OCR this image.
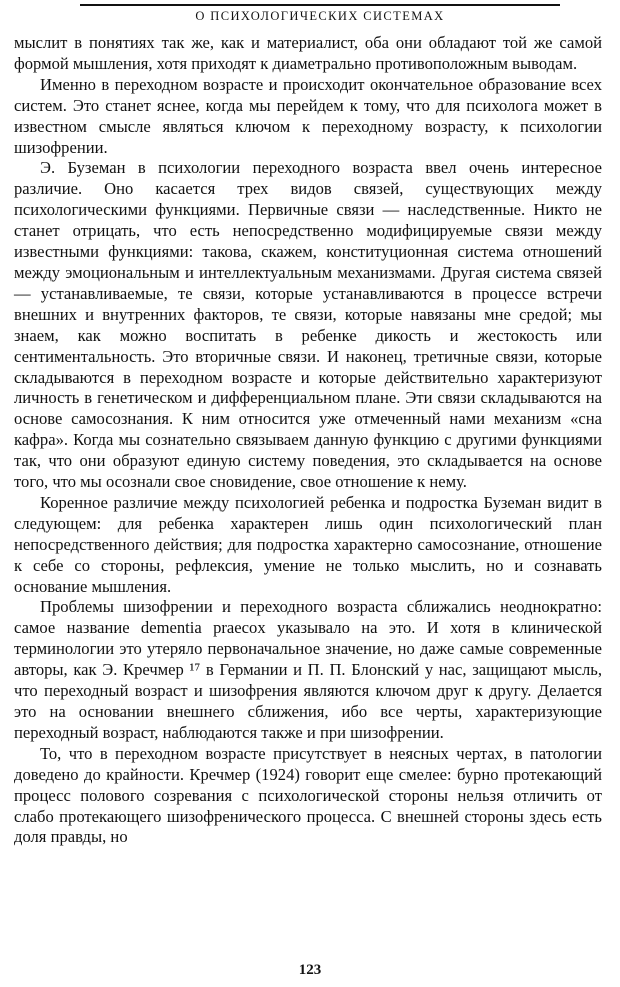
О ПСИХОЛОГИЧЕСКИХ СИСТЕМАХ

мыслит в понятиях так же, как и материалист, оба они обладают той же самой формой мышления, хотя приходят к диаметрально противоположным выводам.

Именно в переходном возрасте и происходит окончательное образование всех систем. Это станет яснее, когда мы перейдем к тому, что для психолога может в известном смысле являться ключом к переходному возрасту, к психологии шизофрении.

Э. Буземан в психологии переходного возраста ввел очень интересное различие. Оно касается трех видов связей, существующих между психологическими функциями. Первичные связи — наследственные. Никто не станет отрицать, что есть непосредственно модифицируемые связи между известными функциями: такова, скажем, конституционная система отношений между эмоциональным и интеллектуальным механизмами. Другая система связей — устанавливаемые, те связи, которые устанавливаются в процессе встречи внешних и внутренних факторов, те связи, которые навязаны мне средой; мы знаем, как можно воспитать в ребенке дикость и жестокость или сентиментальность. Это вторичные связи. И наконец, третичные связи, которые складываются в переходном возрасте и которые действительно характеризуют личность в генетическом и дифференциальном плане. Эти связи складываются на основе самосознания. К ним относится уже отмеченный нами механизм «сна кафра». Когда мы сознательно связываем данную функцию с другими функциями так, что они образуют единую систему поведения, это складывается на основе того, что мы осознали свое сновидение, свое отношение к нему.

Коренное различие между психологией ребенка и подростка Буземан видит в следующем: для ребенка характерен лишь один психологический план непосредственного действия; для подростка характерно самосознание, отношение к себе со стороны, рефлексия, умение не только мыслить, но и сознавать основание мышления.

Проблемы шизофрении и переходного возраста сближались неоднократно: самое название dementia praecox указывало на это. И хотя в клинической терминологии это утеряло первоначальное значение, но даже самые современные авторы, как Э. Кречмер ¹⁷ в Германии и П. П. Блонский у нас, защищают мысль, что переходный возраст и шизофрения являются ключом друг к другу. Делается это на основании внешнего сближения, ибо все черты, характеризующие переходный возраст, наблюдаются также и при шизофрении.

То, что в переходном возрасте присутствует в неясных чертах, в патологии доведено до крайности. Кречмер (1924) говорит еще смелее: бурно протекающий процесс полового созревания с психологической стороны нельзя отличить от слабо протекающего шизофренического процесса. С внешней стороны здесь есть доля правды, но

123
